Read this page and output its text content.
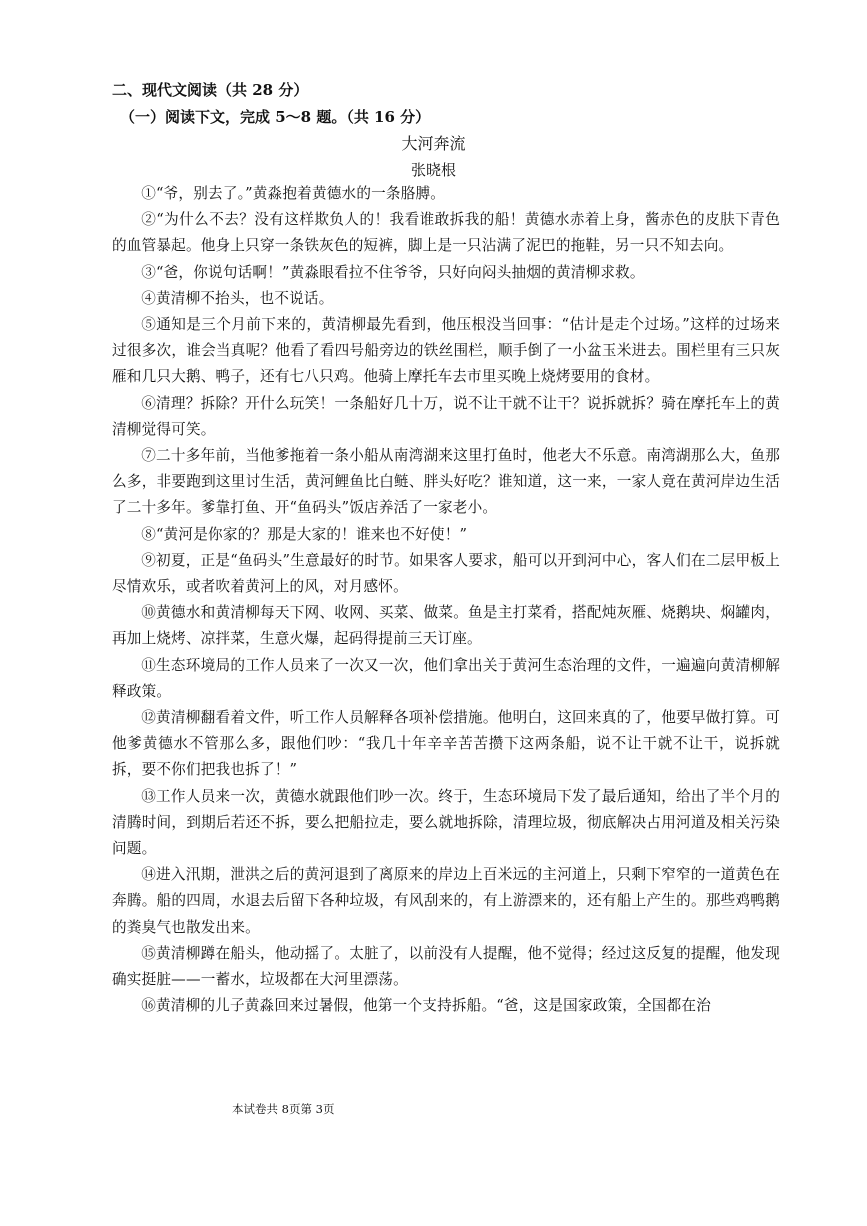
二、现代文阅读（共 28 分）
（一）阅读下文，完成 5～8 题。（共 16 分）
大河奔流
张晓根

①“爷，别去了。”黄淼抱着黄德水的一条胳膊。

②“为什么不去？没有这样欺负人的！我看谁敢拆我的船！黄德水赤着上身，酱赤色的皮肤下青色的血管暴起。他身上只穿一条铁灰色的短裤，脚上是一只沾满了泥巴的拖鞋，另一只不知去向。

③“爸，你说句话啊！”黄淼眼看拉不住爷爷，只好向闷头抽烟的黄清柳求救。

④黄清柳不抬头，也不说话。

⑤通知是三个月前下来的，黄清柳最先看到，他压根没当回事：“估计是走个过场。”这样的过场来过很多次，谁会当真呢？他看了看四号船旁边的铁丝围栏，顺手倒了一小盆玉米进去。围栏里有三只灰雁和几只大鹅、鸭子，还有七八只鸡。他骑上摩托车去市里买晚上烧烤要用的食材。

⑥清理？拆除？开什么玩笑！一条船好几十万，说不让干就不让干？说拆就拆？骑在摩托车上的黄清柳觉得可笑。

⑦二十多年前，当他爹拖着一条小船从南湾湖来这里打鱼时，他老大不乐意。南湾湖那么大，鱼那么多，非要跑到这里讨生活，黄河鲤鱼比白鲢、胖头好吃？谁知道，这一来，一家人竟在黄河岸边生活了二十多年。爹靠打鱼、开“鱼码头”饭店养活了一家老小。

⑧“黄河是你家的？那是大家的！谁来也不好使！”

⑨初夏，正是“鱼码头”生意最好的时节。如果客人要求，船可以开到河中心，客人们在二层甲板上尽情欢乐，或者吹着黄河上的风，对月感怀。

⑩黄德水和黄清柳每天下网、收网、买菜、做菜。鱼是主打菜肴，搭配炖灰雁、烧鹅块、焖罐肉，再加上烧烤、凉拌菜，生意火爆，起码得提前三天订座。

⑪生态环境局的工作人员来了一次又一次，他们拿出关于黄河生态治理的文件，一遍遍向黄清柳解释政策。

⑫黄清柳翻看着文件，听工作人员解释各项补偿措施。他明白，这回来真的了，他要早做打算。可他爹黄德水不管那么多，跟他们吵：“我几十年辛辛苦苦攒下这两条船，说不让干就不让干，说拆就拆，要不你们把我也拆了！”

⑬工作人员来一次，黄德水就跟他们吵一次。终于，生态环境局下发了最后通知，给出了半个月的清腾时间，到期后若还不拆，要么把船拉走，要么就地拆除，清理垃圾，彻底解决占用河道及相关污染问题。

⑭进入汛期，泄洪之后的黄河退到了离原来的岸边上百米远的主河道上，只剩下窄窄的一道黄色在奔腾。船的四周，水退去后留下各种垃圾，有风刮来的，有上游漂来的，还有船上产生的。那些鸡鸭鹅的粪臭气也散发出来。

⑮黄清柳蹲在船头，他动摇了。太脏了，以前没有人提醒，他不觉得；经过这反复的提醒，他发现确实挺脏——一蓄水，垃圾都在大河里漂荡。

⑯黄清柳的儿子黄淼回来过暑假，他第一个支持拆船。“爸，这是国家政策，全国都在治

本试卷共 8页第 3页
